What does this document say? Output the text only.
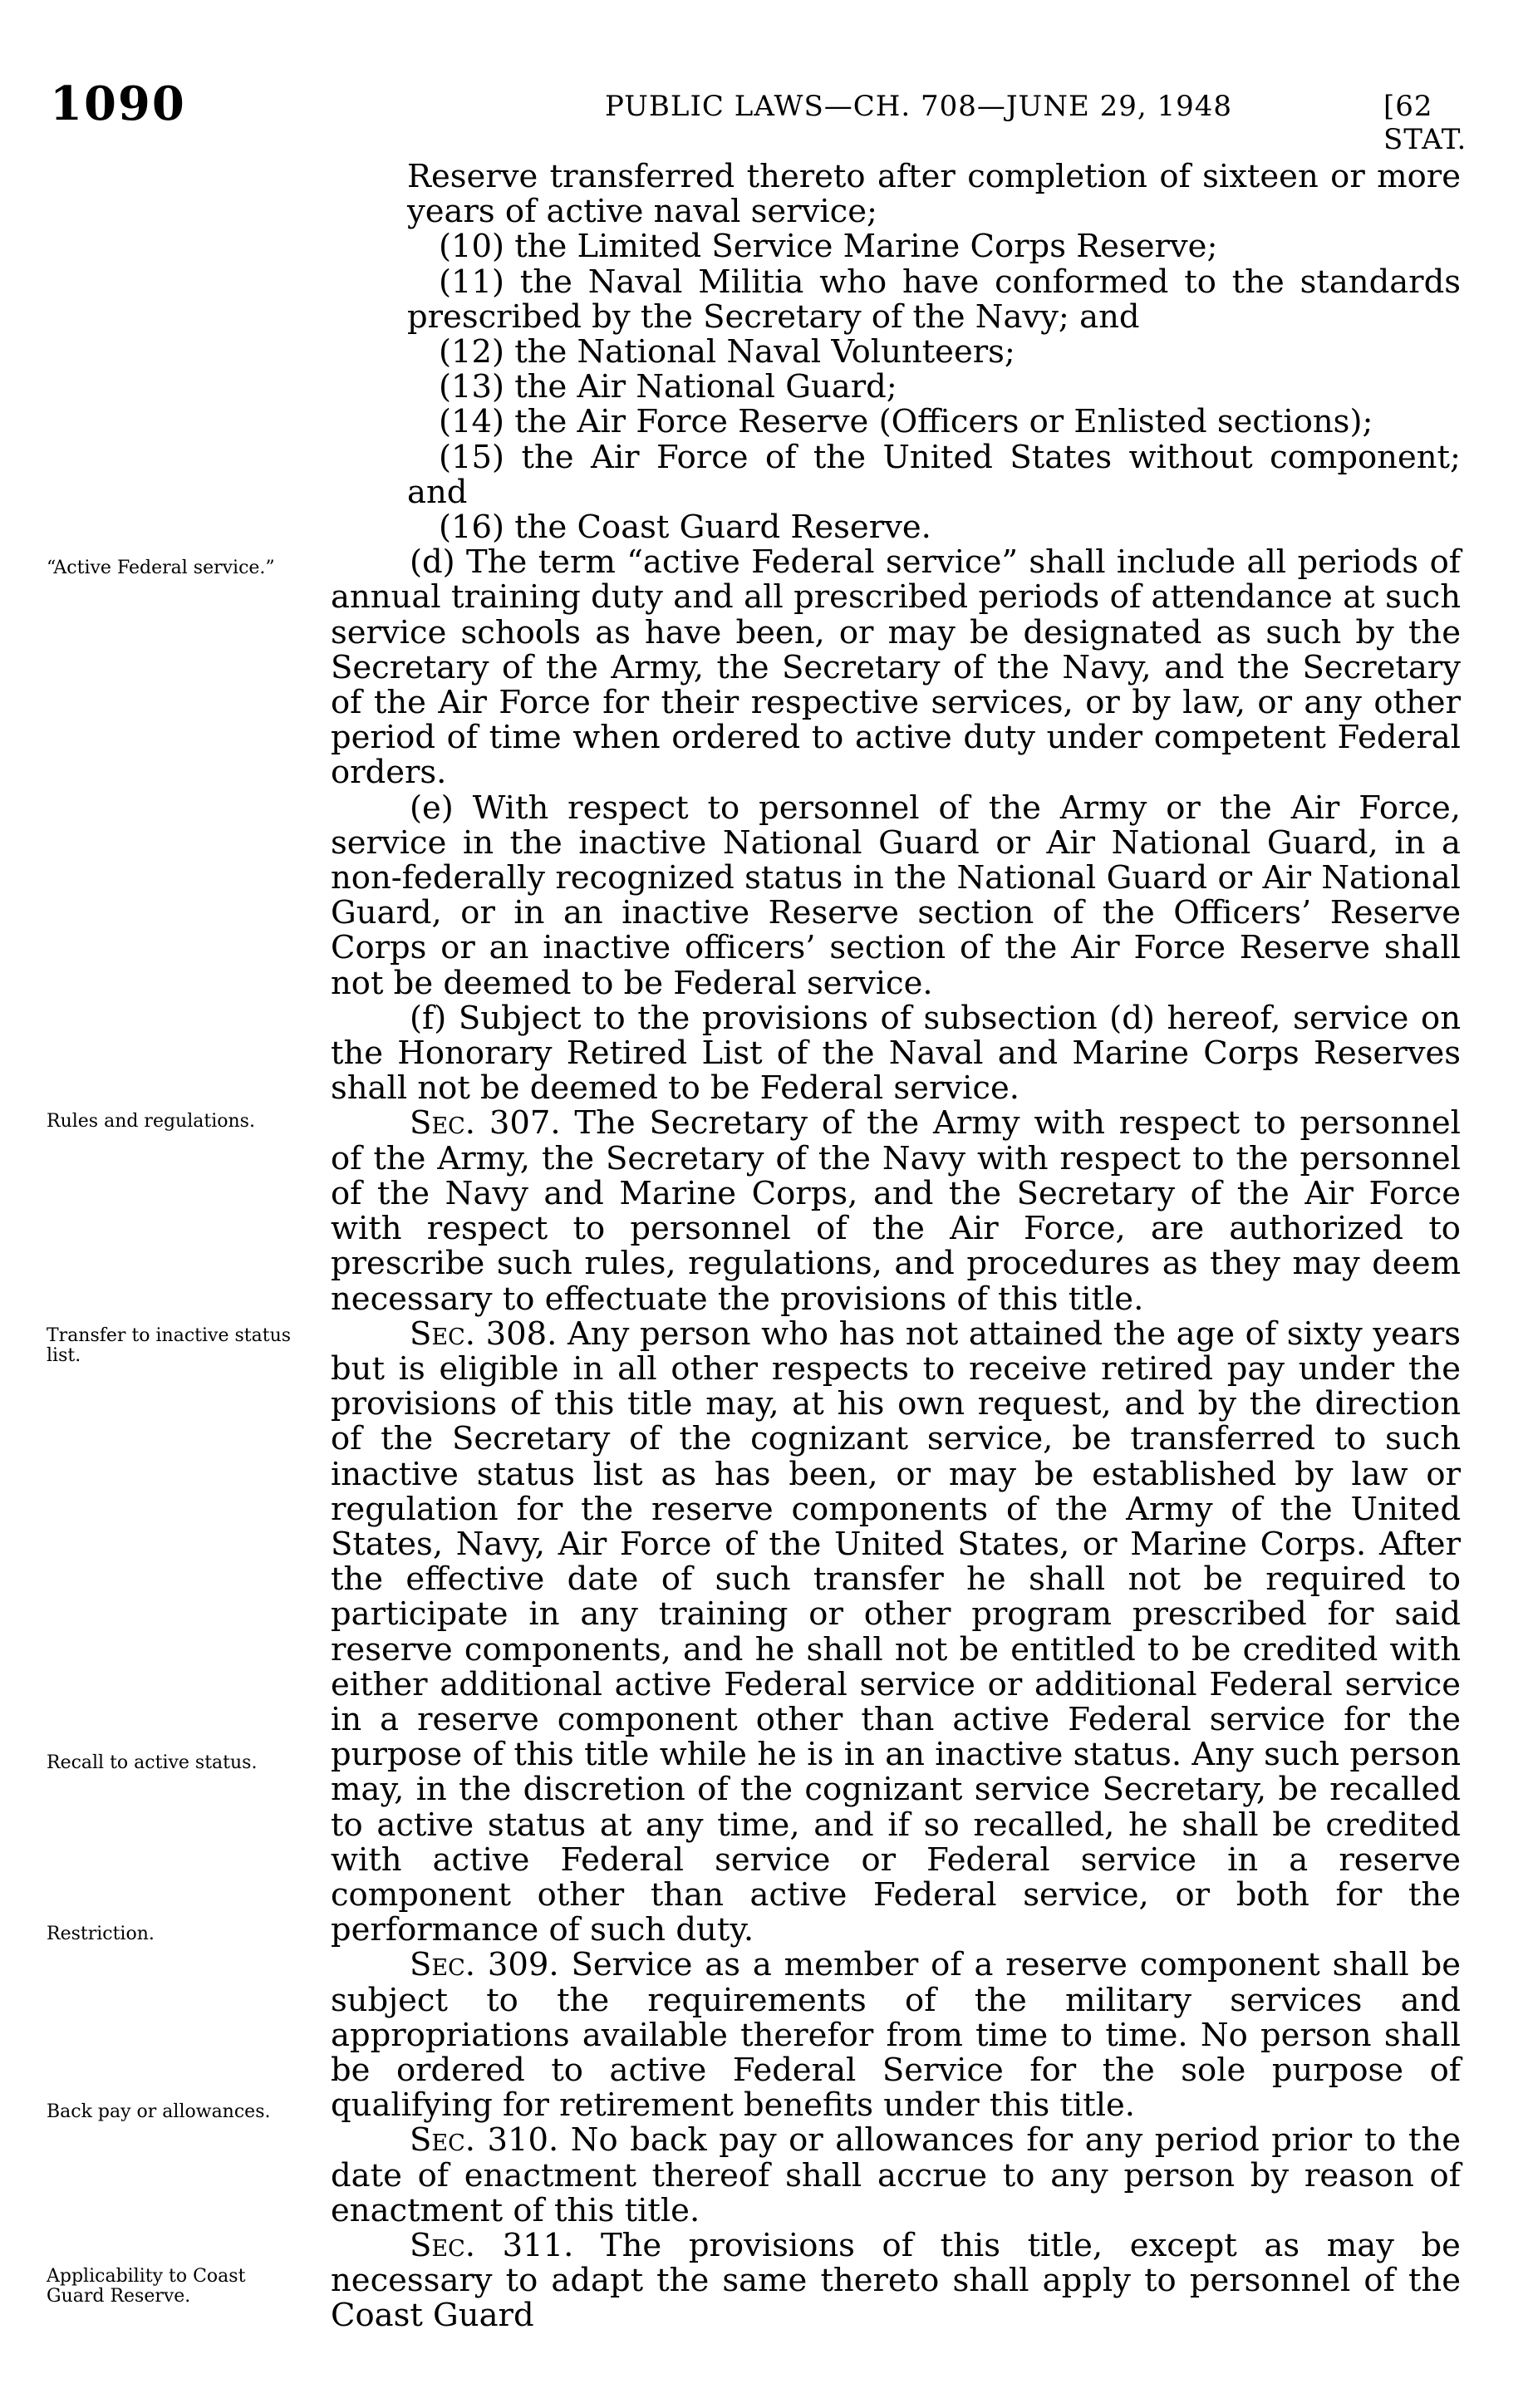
1090	PUBLIC LAWS—CH. 708—JUNE 29, 1948	[62 STAT.
“Active Federal service.”
Rules and regulations.
Transfer to inactive status list.
Recall to active status.
Restriction.
Back pay or allowances.
Applicability to Coast Guard Reserve.

Reserve transferred thereto after completion of sixteen or more years of active naval service;

(10) the Limited Service Marine Corps Reserve;

(11) the Naval Militia who have conformed to the standards prescribed by the Secretary of the Navy; and

(12) the National Naval Volunteers;

(13) the Air National Guard;

(14) the Air Force Reserve (Officers or Enlisted sections);

(15) the Air Force of the United States without component; and

(16) the Coast Guard Reserve.

(d) The term “active Federal service” shall include all periods of annual training duty and all prescribed periods of attendance at such service schools as have been, or may be designated as such by the Secretary of the Army, the Secretary of the Navy, and the Secretary of the Air Force for their respective services, or by law, or any other period of time when ordered to active duty under competent Federal orders.

(e) With respect to personnel of the Army or the Air Force, service in the inactive National Guard or Air National Guard, in a non-federally recognized status in the National Guard or Air National Guard, or in an inactive Reserve section of the Officers’ Reserve Corps or an inactive officers’ section of the Air Force Reserve shall not be deemed to be Federal service.

(f) Subject to the provisions of subsection (d) hereof, service on the Honorary Retired List of the Naval and Marine Corps Reserves shall not be deemed to be Federal service.

Sec. 307. The Secretary of the Army with respect to personnel of the Army, the Secretary of the Navy with respect to the personnel of the Navy and Marine Corps, and the Secretary of the Air Force with respect to personnel of the Air Force, are authorized to prescribe such rules, regulations, and procedures as they may deem necessary to effectuate the provisions of this title.

Sec. 308. Any person who has not attained the age of sixty years but is eligible in all other respects to receive retired pay under the provisions of this title may, at his own request, and by the direction of the Secretary of the cognizant service, be transferred to such inactive status list as has been, or may be established by law or regulation for the reserve components of the Army of the United States, Navy, Air Force of the United States, or Marine Corps. After the effective date of such transfer he shall not be required to participate in any training or other program prescribed for said reserve components, and he shall not be entitled to be credited with either additional active Federal service or additional Federal service in a reserve component other than active Federal service for the purpose of this title while he is in an inactive status. Any such person may, in the discretion of the cognizant service Secretary, be recalled to active status at any time, and if so recalled, he shall be credited with active Federal service or Federal service in a reserve component other than active Federal service, or both for the performance of such duty.

Sec. 309. Service as a member of a reserve component shall be subject to the requirements of the military services and appropriations available therefor from time to time. No person shall be ordered to active Federal Service for the sole purpose of qualifying for retirement benefits under this title.

Sec. 310. No back pay or allowances for any period prior to the date of enactment thereof shall accrue to any person by reason of enactment of this title.

Sec. 311. The provisions of this title, except as may be necessary to adapt the same thereto shall apply to personnel of the Coast Guard
